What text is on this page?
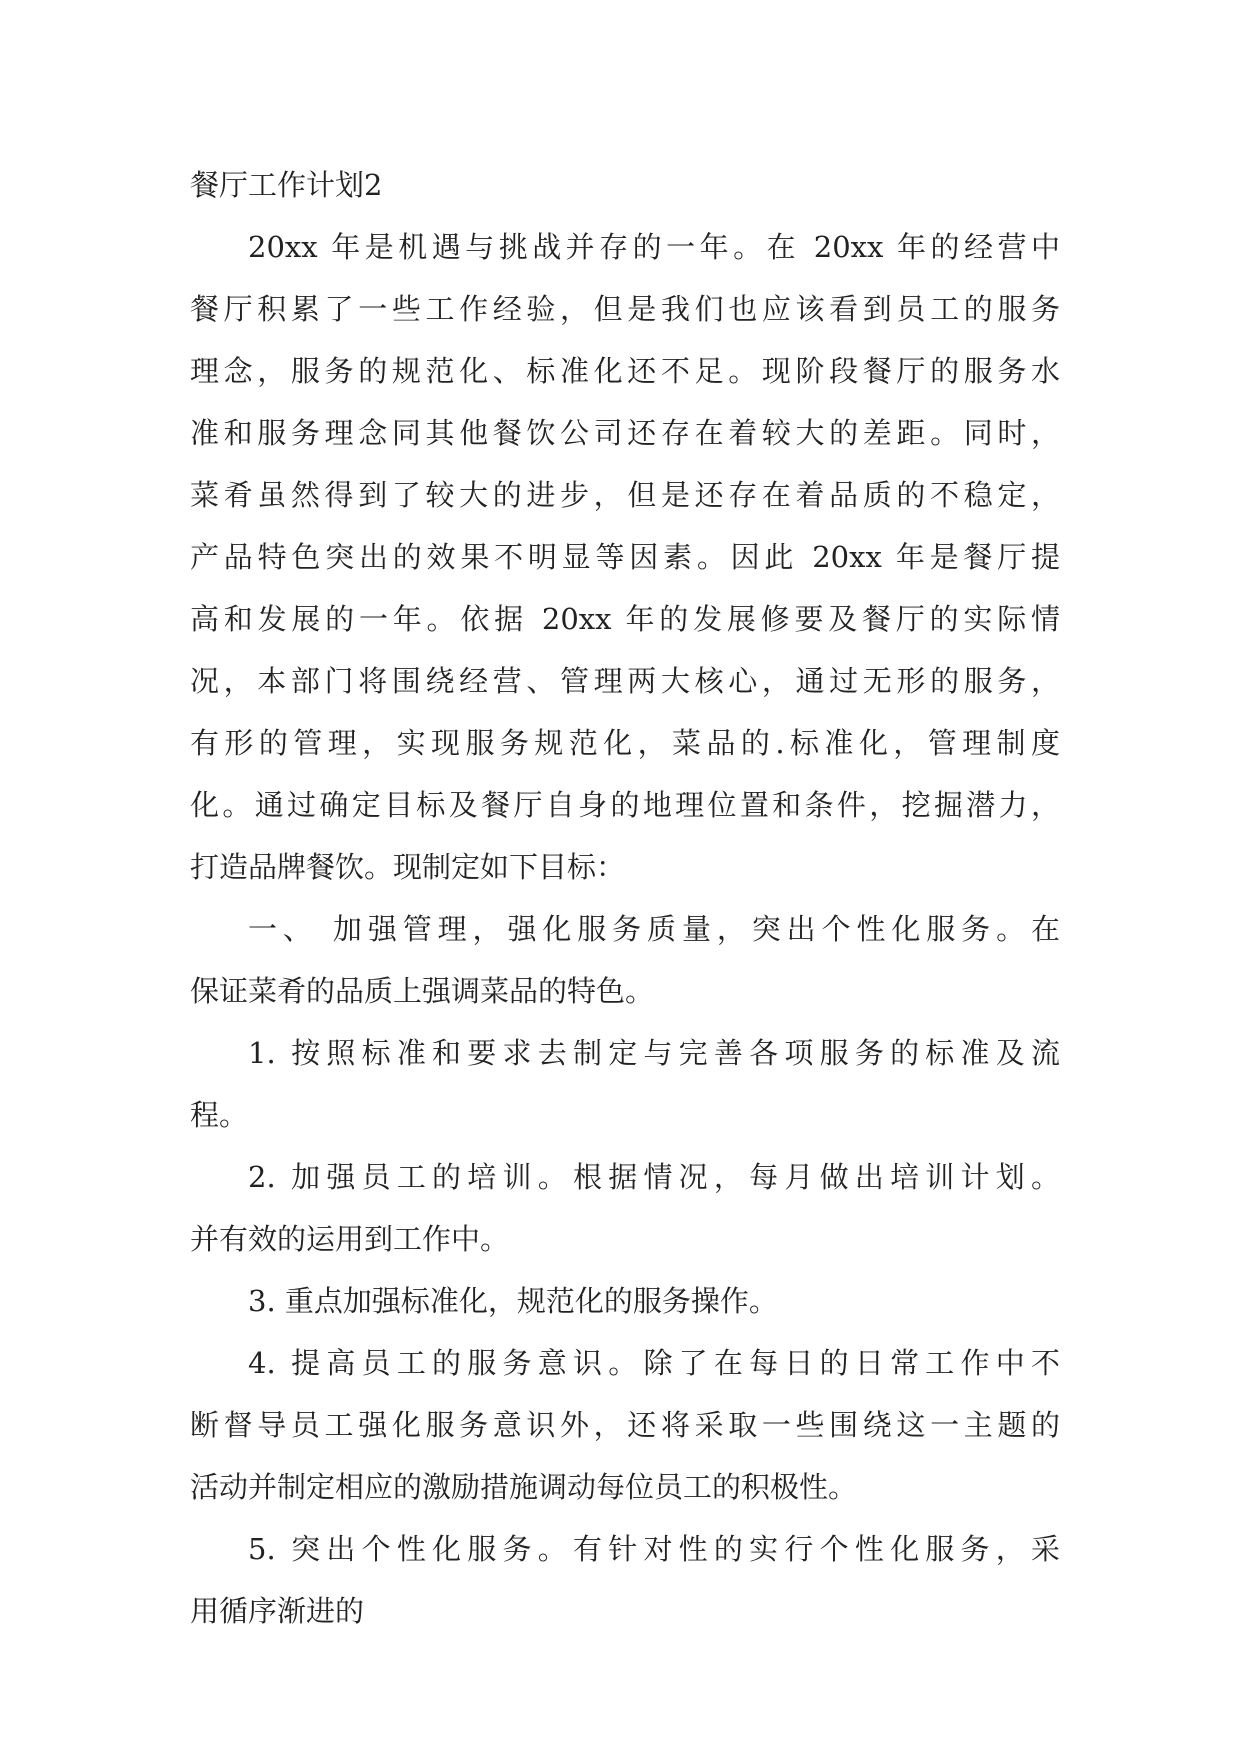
餐厅工作计划2

20xx 年是机遇与挑战并存的一年。在 20xx 年的经营中
餐厅积累了一些工作经验，但是我们也应该看到员工的服务
理念，服务的规范化、标准化还不足。现阶段餐厅的服务水
准和服务理念同其他餐饮公司还存在着较大的差距。同时，
菜肴虽然得到了较大的进步，但是还存在着品质的不稳定，
产品特色突出的效果不明显等因素。因此 20xx 年是餐厅提
高和发展的一年。依据 20xx 年的发展修要及餐厅的实际情
况，本部门将围绕经营、管理两大核心，通过无形的服务，
有形的管理，实现服务规范化，菜品的.标准化，管理制度
化。通过确定目标及餐厅自身的地理位置和条件，挖掘潜力，
打造品牌餐饮。现制定如下目标：

一、 加强管理，强化服务质量，突出个性化服务。在
保证菜肴的品质上强调菜品的特色。

1. 按照标准和要求去制定与完善各项服务的标准及流
程。

2. 加强员工的培训。根据情况，每月做出培训计划。
并有效的运用到工作中。

3. 重点加强标准化，规范化的服务操作。

4. 提高员工的服务意识。除了在每日的日常工作中不
断督导员工强化服务意识外，还将采取一些围绕这一主题的
活动并制定相应的激励措施调动每位员工的积极性。

5. 突出个性化服务。有针对性的实行个性化服务，采
用循序渐进的
